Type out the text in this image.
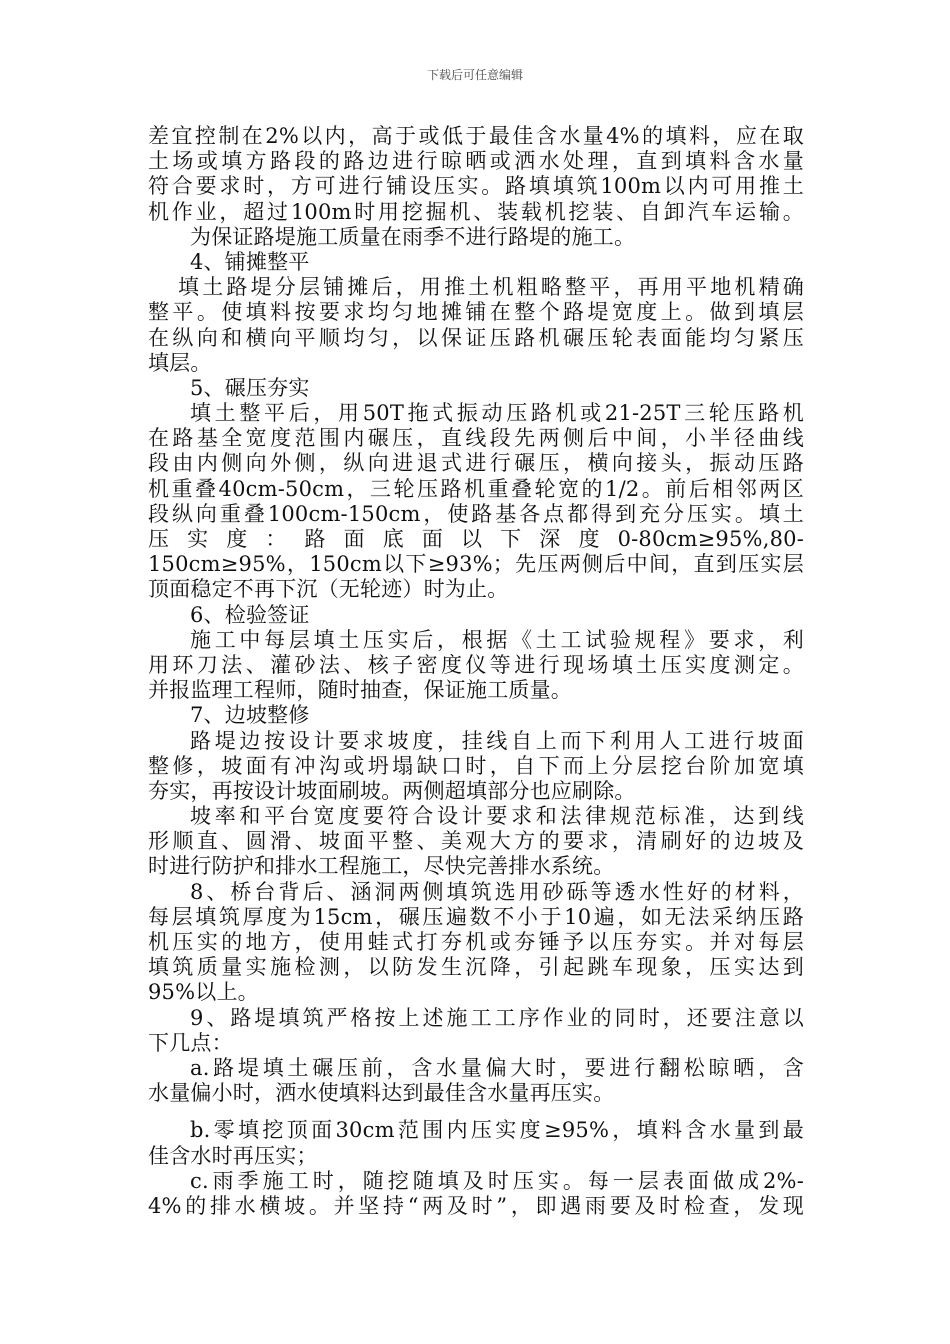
下载后可任意编辑
差宜控制在2%以内，高于或低于最佳含水量4%的填料，应在取
土场或填方路段的路边进行晾晒或洒水处理，直到填料含水量
符合要求时，方可进行铺设压实。路填填筑100m以内可用推土
机作业，超过100m时用挖掘机、装载机挖装、自卸汽车运输。
为保证路堤施工质量在雨季不进行路堤的施工。
4、铺摊整平
填土路堤分层铺摊后，用推土机粗略整平，再用平地机精确
整平。使填料按要求均匀地摊铺在整个路堤宽度上。做到填层
在纵向和横向平顺均匀，以保证压路机碾压轮表面能均匀紧压
填层。
5、碾压夯实
填土整平后，用50T拖式振动压路机或21-25T三轮压路机
在路基全宽度范围内碾压，直线段先两侧后中间，小半径曲线
段由内侧向外侧，纵向进退式进行碾压，横向接头，振动压路
机重叠40cm-50cm，三轮压路机重叠轮宽的1/2。前后相邻两区
段纵向重叠100cm-150cm，使路基各点都得到充分压实。填土
压 实 度 ： 路 面 底 面 以 下 深 度 0-80cm≥95%,80-
150cm≥95%，150cm以下≥93%；先压两侧后中间，直到压实层
顶面稳定不再下沉（无轮迹）时为止。
6、检验签证
施工中每层填土压实后，根据《土工试验规程》要求，利
用环刀法、灌砂法、核子密度仪等进行现场填土压实度测定。
并报监理工程师，随时抽查，保证施工质量。
7、边坡整修
路堤边按设计要求坡度，挂线自上而下利用人工进行坡面
整修，坡面有冲沟或坍塌缺口时，自下而上分层挖台阶加宽填
夯实，再按设计坡面刷坡。两侧超填部分也应刷除。
坡率和平台宽度要符合设计要求和法律规范标准，达到线
形顺直、圆滑、坡面平整、美观大方的要求，清刷好的边坡及
时进行防护和排水工程施工，尽快完善排水系统。
8、桥台背后、涵洞两侧填筑选用砂砾等透水性好的材料，
每层填筑厚度为15cm，碾压遍数不小于10遍，如无法采纳压路
机压实的地方，使用蛙式打夯机或夯锤予以压夯实。并对每层
填筑质量实施检测，以防发生沉降，引起跳车现象，压实达到
95%以上。
9、路堤填筑严格按上述施工工序作业的同时，还要注意以
下几点：
a.路堤填土碾压前，含水量偏大时，要进行翻松晾晒，含
水量偏小时，洒水使填料达到最佳含水量再压实。
b.零填挖顶面30cm范围内压实度≥95%，填料含水量到最
佳含水时再压实；
c.雨季施工时，随挖随填及时压实。每一层表面做成2%-
4%的排水横坡。并坚持“两及时”，即遇雨要及时检查，发现
